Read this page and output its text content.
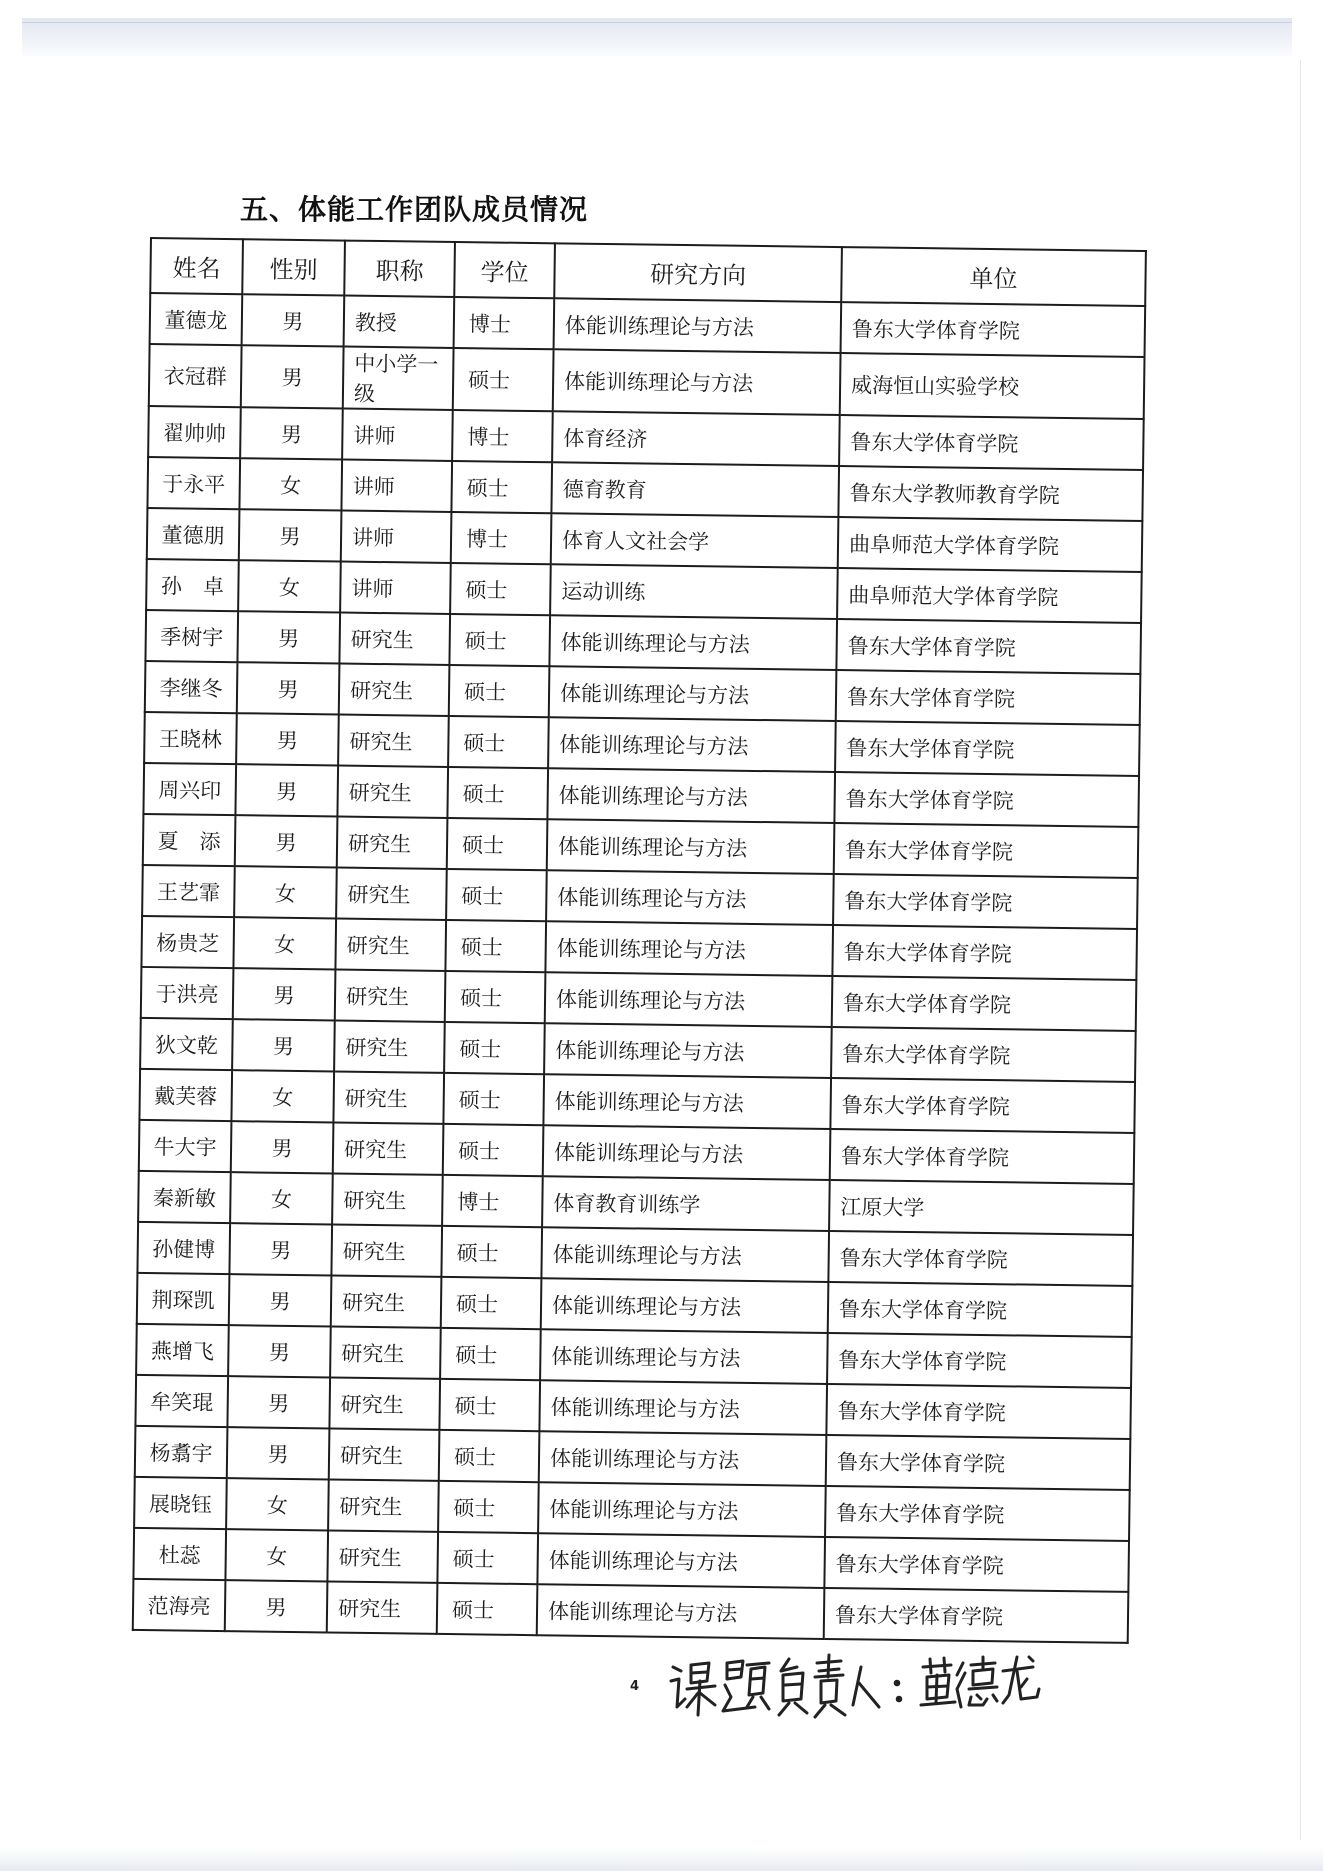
五、体能工作团队成员情况
姓名	性别	职称	学位	研究方向	单位
董德龙	男	教授	博士	体能训练理论与方法	鲁东大学体育学院
衣冠群	男	中小学一级	硕士	体能训练理论与方法	威海恒山实验学校
翟帅帅	男	讲师	博士	体育经济	鲁东大学体育学院
于永平	女	讲师	硕士	德育教育	鲁东大学教师教育学院
董德朋	男	讲师	博士	体育人文社会学	曲阜师范大学体育学院
孙　卓	女	讲师	硕士	运动训练	曲阜师范大学体育学院
季树宇	男	研究生	硕士	体能训练理论与方法	鲁东大学体育学院
李继冬	男	研究生	硕士	体能训练理论与方法	鲁东大学体育学院
王晓林	男	研究生	硕士	体能训练理论与方法	鲁东大学体育学院
周兴印	男	研究生	硕士	体能训练理论与方法	鲁东大学体育学院
夏　添	男	研究生	硕士	体能训练理论与方法	鲁东大学体育学院
王艺霏	女	研究生	硕士	体能训练理论与方法	鲁东大学体育学院
杨贵芝	女	研究生	硕士	体能训练理论与方法	鲁东大学体育学院
于洪亮	男	研究生	硕士	体能训练理论与方法	鲁东大学体育学院
狄文乾	男	研究生	硕士	体能训练理论与方法	鲁东大学体育学院
戴芙蓉	女	研究生	硕士	体能训练理论与方法	鲁东大学体育学院
牛大宇	男	研究生	硕士	体能训练理论与方法	鲁东大学体育学院
秦新敏	女	研究生	博士	体育教育训练学	江原大学
孙健博	男	研究生	硕士	体能训练理论与方法	鲁东大学体育学院
荆琛凯	男	研究生	硕士	体能训练理论与方法	鲁东大学体育学院
燕增飞	男	研究生	硕士	体能训练理论与方法	鲁东大学体育学院
牟笑琨	男	研究生	硕士	体能训练理论与方法	鲁东大学体育学院
杨翥宇	男	研究生	硕士	体能训练理论与方法	鲁东大学体育学院
展晓钰	女	研究生	硕士	体能训练理论与方法	鲁东大学体育学院
杜蕊	女	研究生	硕士	体能训练理论与方法	鲁东大学体育学院
范海亮	男	研究生	硕士	体能训练理论与方法	鲁东大学体育学院
4
